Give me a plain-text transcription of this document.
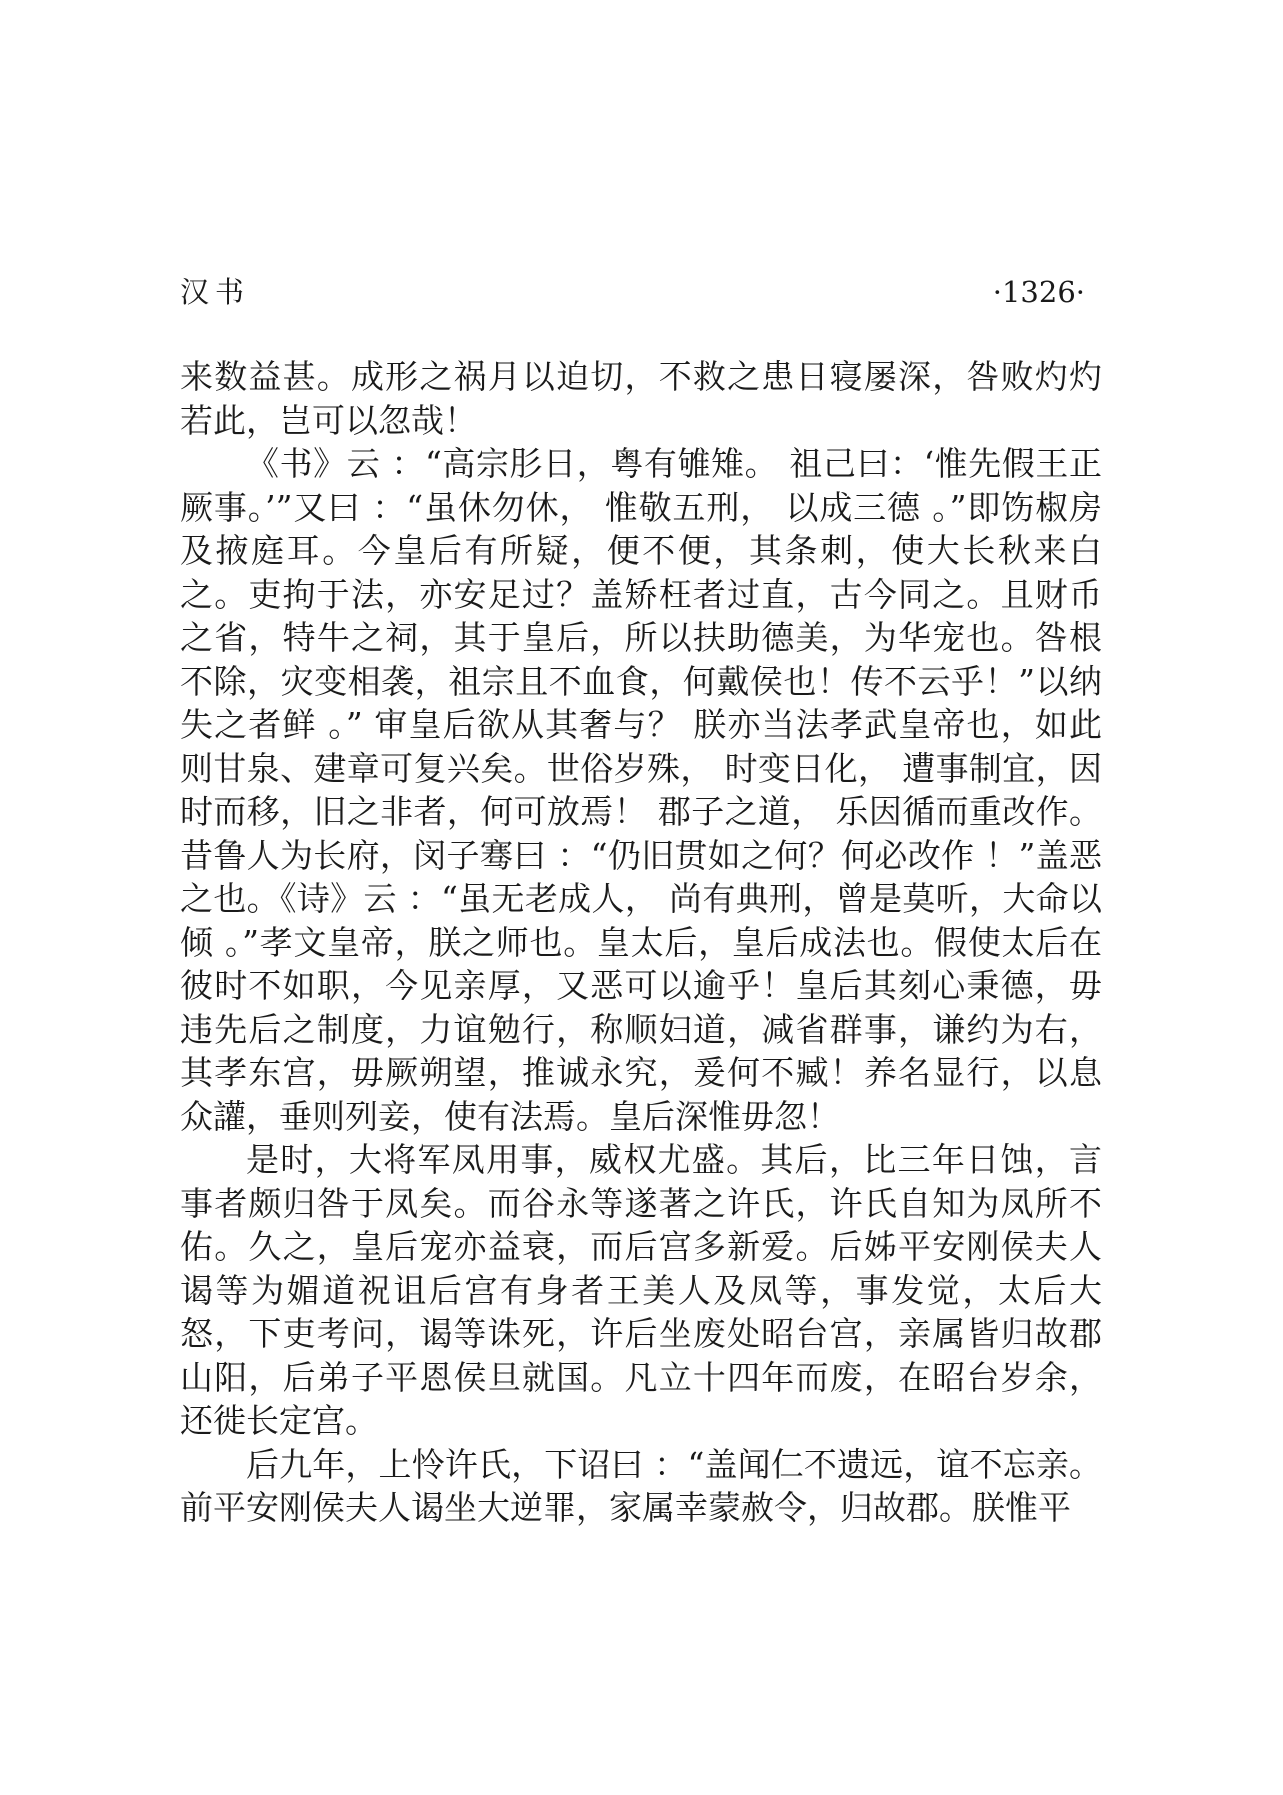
汉书	·1326·

来数益甚。成形之祸月以迫切，不救之患日寝屡深，咎败灼灼若此，岂可以忽哉！

《书》云 ：“高宗肜日，粤有雊雉。 祖己曰：‘惟先假王正厥事。’”又曰 ：“虽休勿休， 惟敬五刑， 以成三德 。”即饬椒房及掖庭耳。今皇后有所疑，便不便，其条刺，使大长秋来白之。吏拘于法，亦安足过？盖矫枉者过直，古今同之。且财币之省，特牛之祠，其于皇后，所以扶助德美，为华宠也。咎根不除，灾变相袭，祖宗且不血食，何戴侯也！传不云乎！”以纳失之者鲜 。” 审皇后欲从其奢与？ 朕亦当法孝武皇帝也，如此则甘泉、建章可复兴矣。世俗岁殊， 时变日化， 遭事制宜，因时而移，旧之非者，何可放焉！ 郡子之道， 乐因循而重改作。昔鲁人为长府，闵子骞曰 ：“仍旧贯如之何？何必改作 ！”盖恶之也。《诗》云 ：“虽无老成人， 尚有典刑，曾是莫听，大命以倾 。”孝文皇帝，朕之师也。皇太后，皇后成法也。假使太后在彼时不如职，今见亲厚，又恶可以逾乎！皇后其刻心秉德，毋违先后之制度，力谊勉行，称顺妇道，减省群事，谦约为右，其孝东宫，毋厥朔望，推诚永究，爰何不臧！养名显行，以息众讙，垂则列妾，使有法焉。皇后深惟毋忽！

是时，大将军凤用事，威权尤盛。其后，比三年日蚀，言事者颇归咎于凤矣。而谷永等遂著之许氏，许氏自知为凤所不佑。久之，皇后宠亦益衰，而后宫多新爱。后姊平安刚侯夫人谒等为媚道祝诅后宫有身者王美人及凤等，事发觉，太后大怒，下吏考问，谒等诛死，许后坐废处昭台宫，亲属皆归故郡山阳，后弟子平恩侯旦就国。凡立十四年而废，在昭台岁余，还徙长定宫。

后九年，上怜许氏，下诏曰 ：“盖闻仁不遗远，谊不忘亲。前平安刚侯夫人谒坐大逆罪，家属幸蒙赦令，归故郡。朕惟平
